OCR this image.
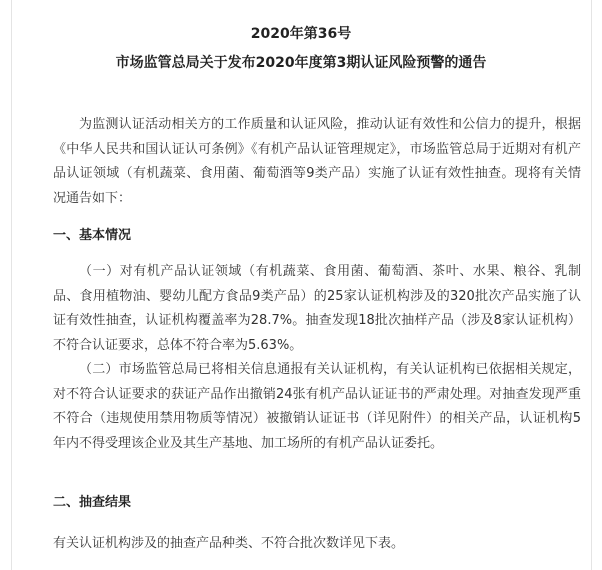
2020年第36号
市场监管总局关于发布2020年度第3期认证风险预警的通告

为监测认证活动相关方的工作质量和认证风险，推动认证有效性和公信力的提升，根据《中华人民共和国认证认可条例》《有机产品认证管理规定》，市场监管总局于近期对有机产品认证领域（有机蔬菜、食用菌、葡萄酒等9类产品）实施了认证有效性抽查。现将有关情况通告如下：

一、基本情况

（一）对有机产品认证领域（有机蔬菜、食用菌、葡萄酒、茶叶、水果、粮谷、乳制品、食用植物油、婴幼儿配方食品9类产品）的25家认证机构涉及的320批次产品实施了认证有效性抽查，认证机构覆盖率为28.7%。抽查发现18批次抽样产品（涉及8家认证机构）不符合认证要求，总体不符合率为5.63%。

（二）市场监管总局已将相关信息通报有关认证机构，有关认证机构已依据相关规定，对不符合认证要求的获证产品作出撤销24张有机产品认证证书的严肃处理。对抽查发现严重不符合（违规使用禁用物质等情况）被撤销认证证书（详见附件）的相关产品，认证机构5年内不得受理该企业及其生产基地、加工场所的有机产品认证委托。

二、抽查结果

有关认证机构涉及的抽查产品种类、不符合批次数详见下表。
